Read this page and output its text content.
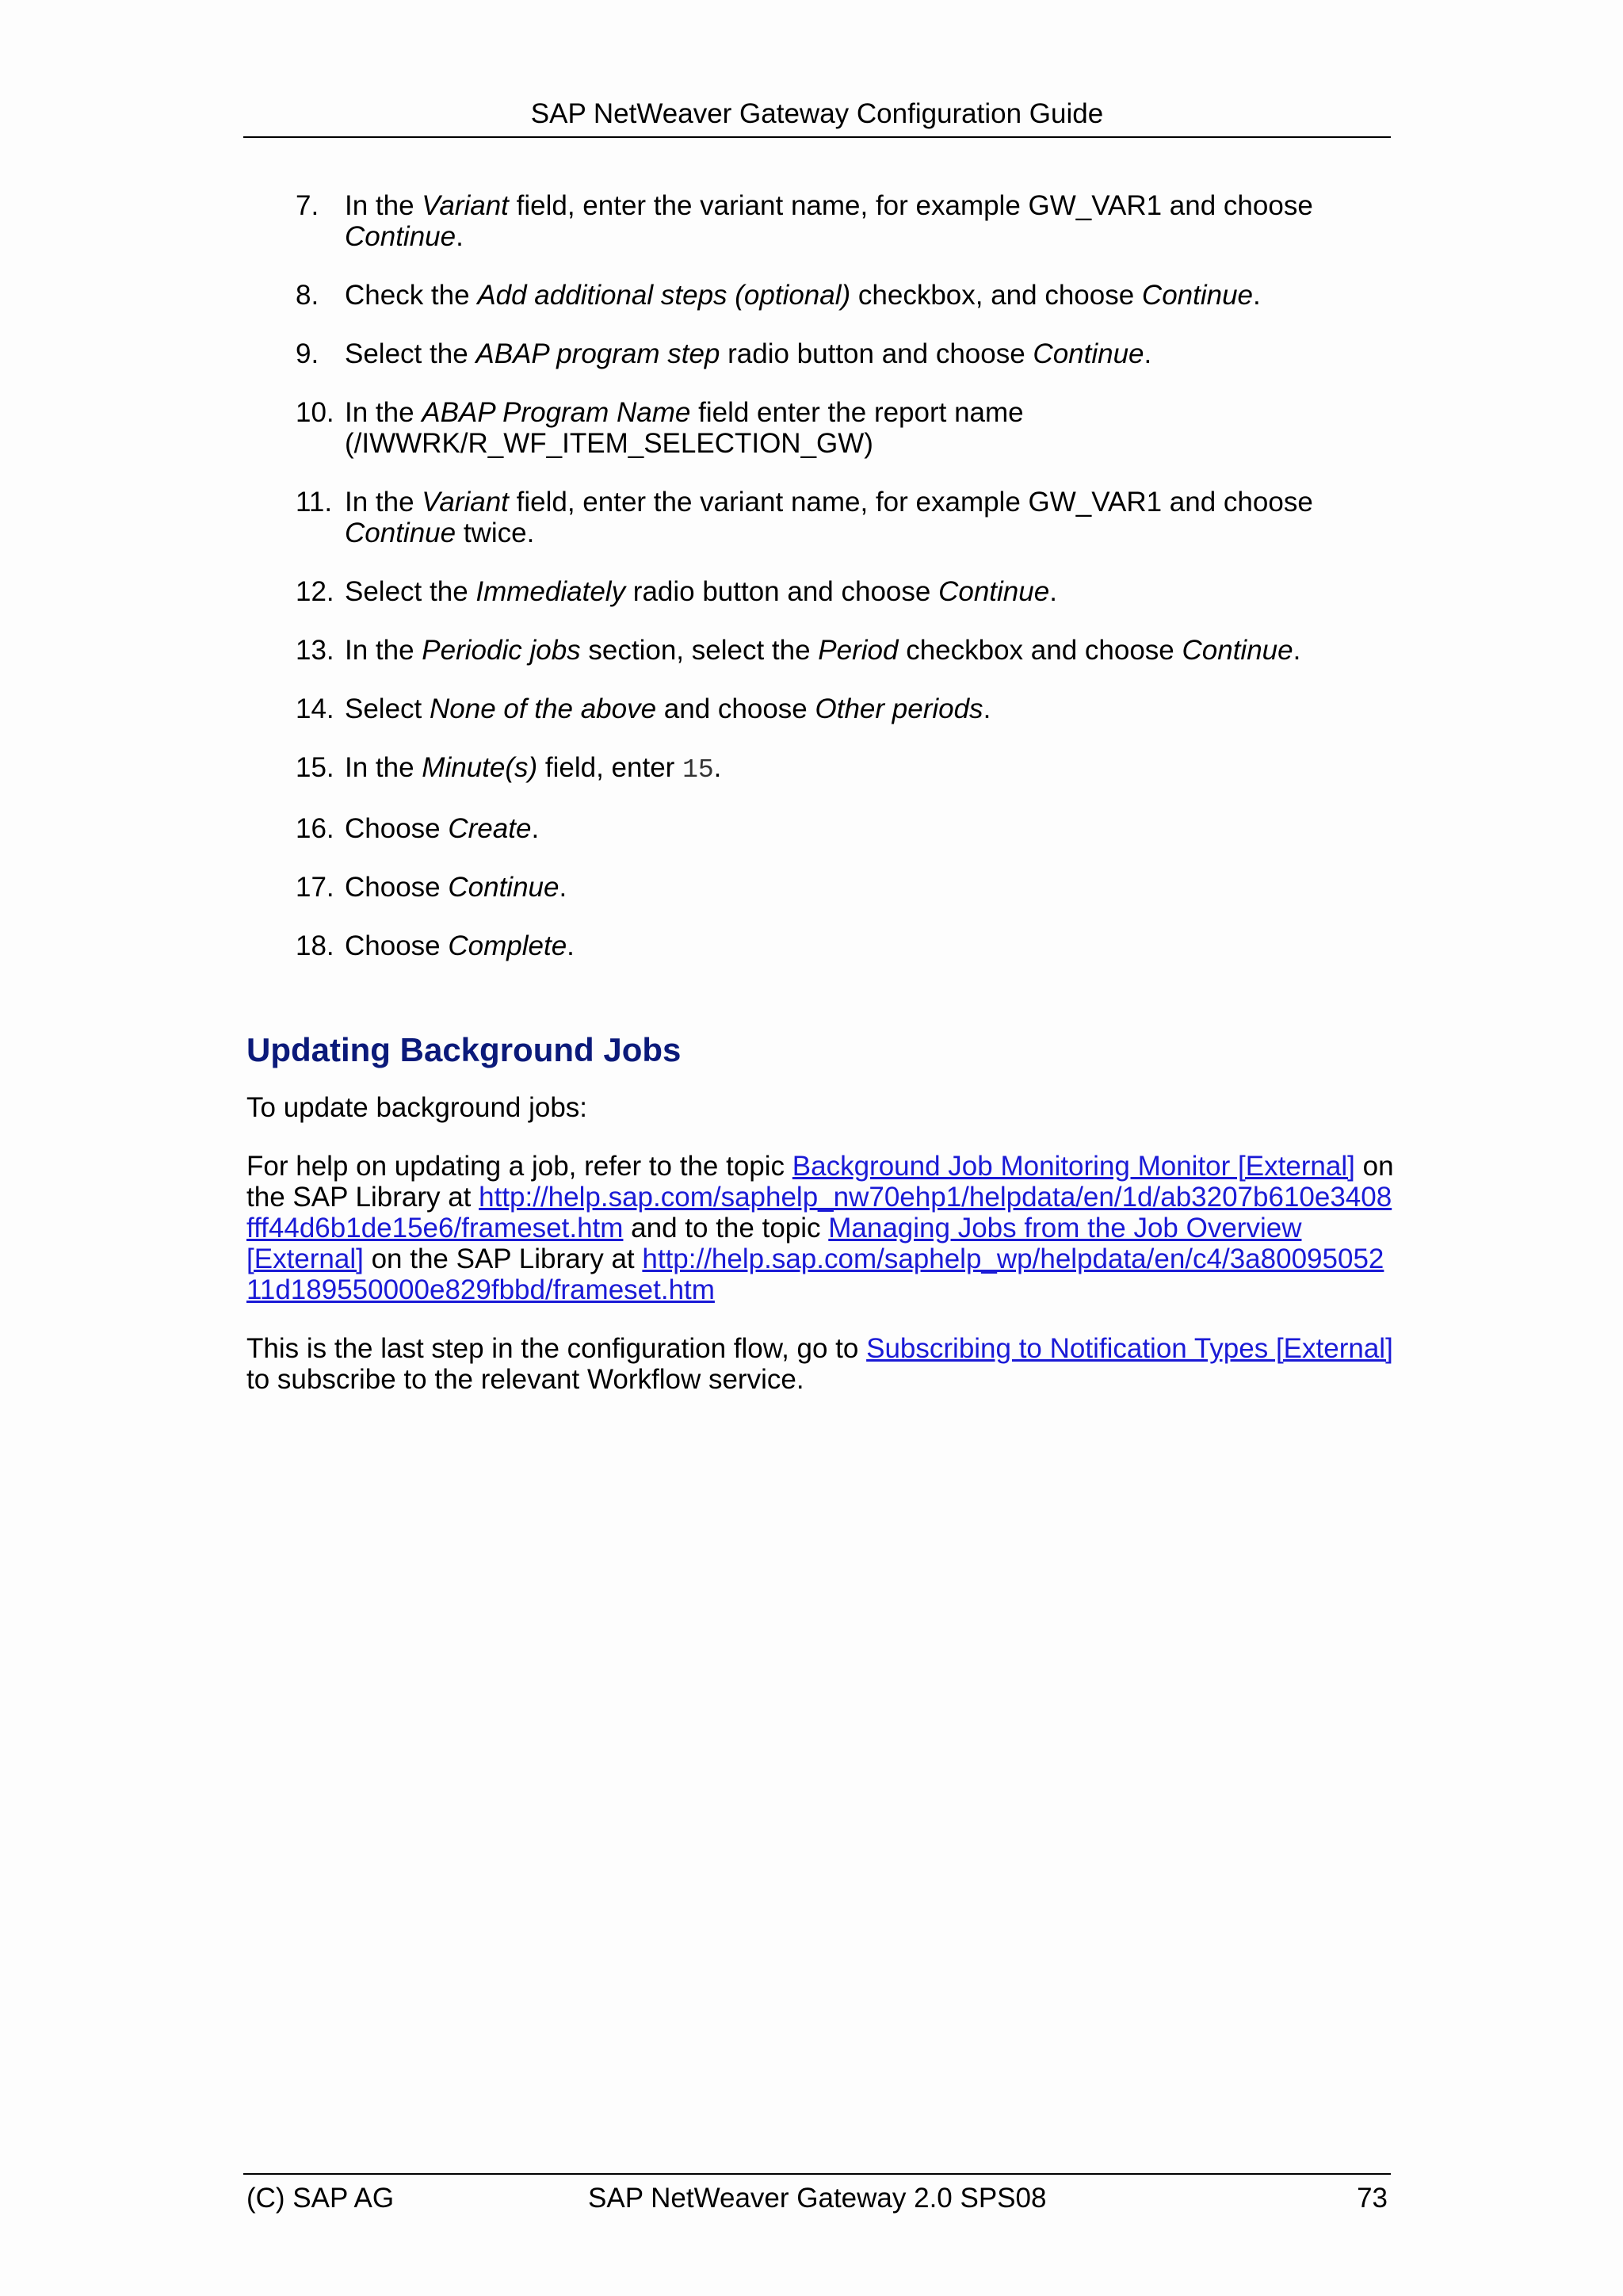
SAP NetWeaver Gateway Configuration Guide
7. In the Variant field, enter the variant name, for example GW_VAR1 and choose Continue.
8. Check the Add additional steps (optional) checkbox, and choose Continue.
9. Select the ABAP program step radio button and choose Continue.
10. In the ABAP Program Name field enter the report name (/IWWRK/R_WF_ITEM_SELECTION_GW)
11. In the Variant field, enter the variant name, for example GW_VAR1 and choose Continue twice.
12. Select the Immediately radio button and choose Continue.
13. In the Periodic jobs section, select the Period checkbox and choose Continue.
14. Select None of the above and choose Other periods.
15. In the Minute(s) field, enter 15.
16. Choose Create.
17. Choose Continue.
18. Choose Complete.
Updating Background Jobs

To update background jobs:

For help on updating a job, refer to the topic Background Job Monitoring Monitor [External] on the SAP Library at http://help.sap.com/saphelp_nw70ehp1/helpdata/en/1d/ab3207b610e3408fff44d6b1de15e6/frameset.htm and to the topic Managing Jobs from the Job Overview [External] on the SAP Library at http://help.sap.com/saphelp_wp/helpdata/en/c4/3a8009505211d189550000e829fbbd/frameset.htm

This is the last step in the configuration flow, go to Subscribing to Notification Types [External] to subscribe to the relevant Workflow service.

(C) SAP AG	SAP NetWeaver Gateway 2.0 SPS08	73
